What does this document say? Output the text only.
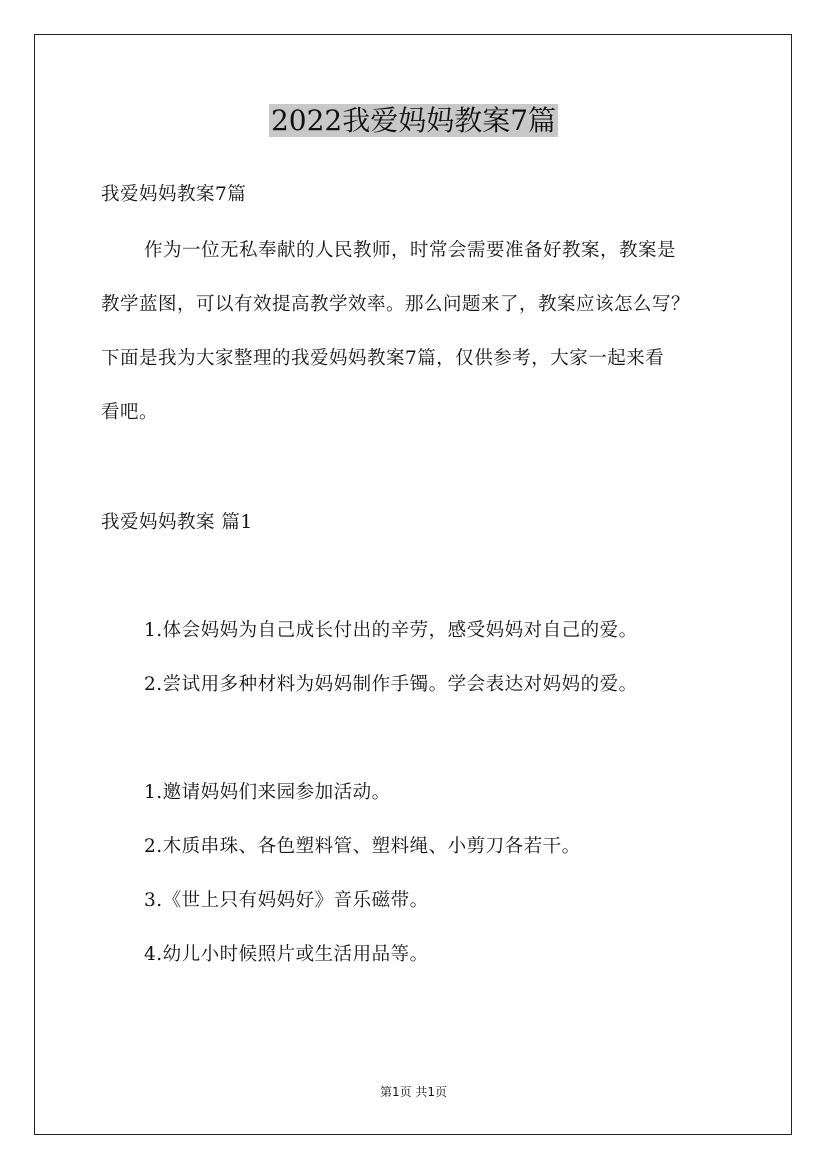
2022我爱妈妈教案7篇
我爱妈妈教案7篇
作为一位无私奉献的人民教师，时常会需要准备好教案，教案是
教学蓝图，可以有效提高教学效率。那么问题来了，教案应该怎么写？
下面是我为大家整理的我爱妈妈教案7篇，仅供参考，大家一起来看
看吧。
我爱妈妈教案 篇1
1.体会妈妈为自己成长付出的辛劳，感受妈妈对自己的爱。
2.尝试用多种材料为妈妈制作手镯。学会表达对妈妈的爱。
1.邀请妈妈们来园参加活动。
2.木质串珠、各色塑料管、塑料绳、小剪刀各若干。
3.《世上只有妈妈好》音乐磁带。
4.幼儿小时候照片或生活用品等。
第1页 共1页
